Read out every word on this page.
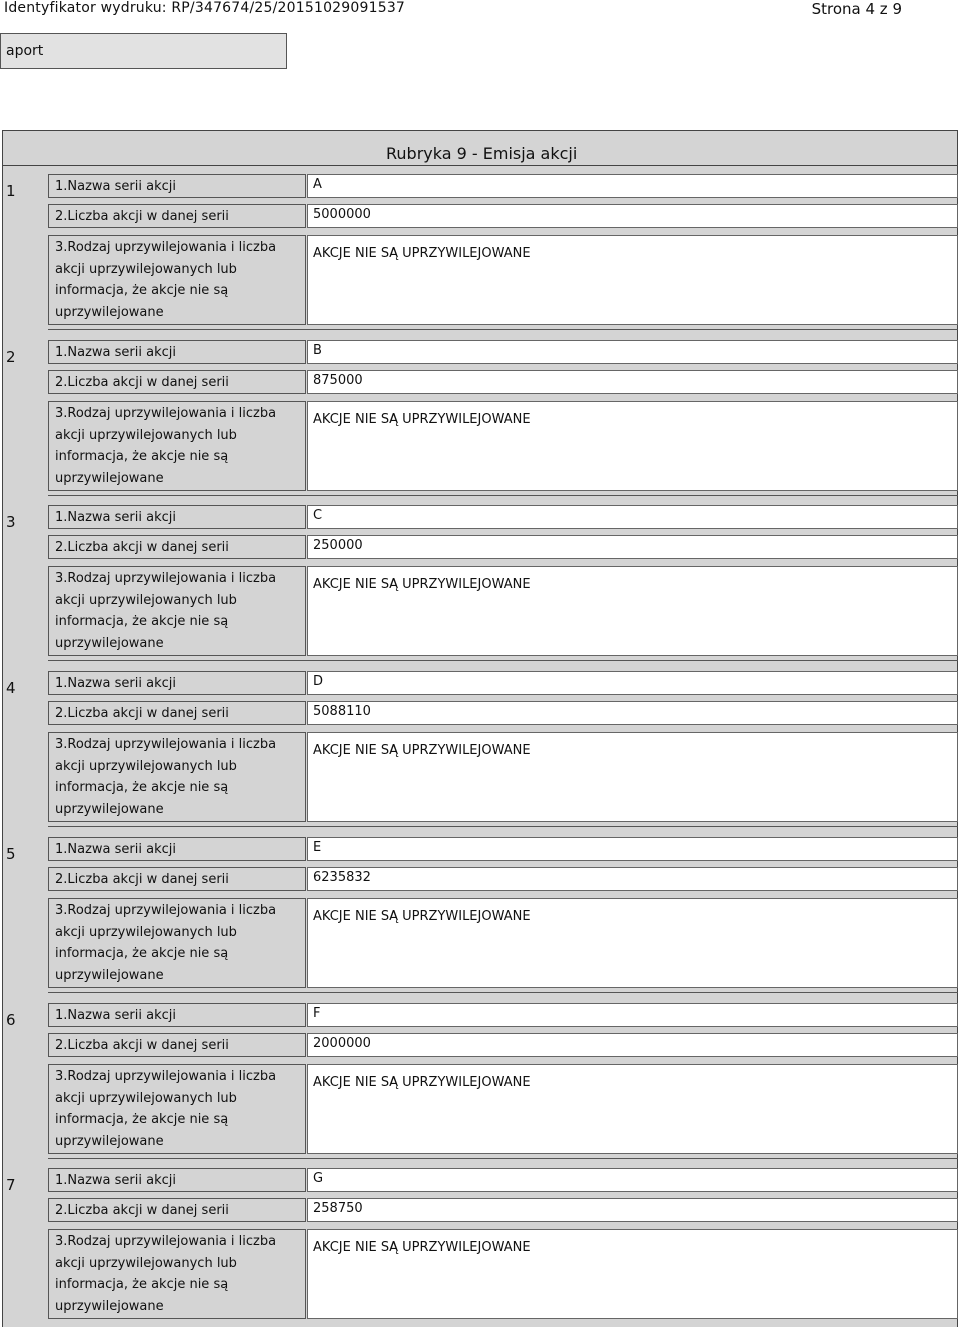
Identyfikator wydruku: RP/347674/25/20151029091537	Strona 4 z 9
aport
Rubryka 9 - Emisja akcji
1	1.Nazwa serii akcji	A
2.Liczba akcji w danej serii	5000000
3.Rodzaj uprzywilejowania i liczba akcji uprzywilejowanych lub informacja, że akcje nie są uprzywilejowane
AKCJE NIE SĄ UPRZYWILEJOWANE
2	1.Nazwa serii akcji	B
2.Liczba akcji w danej serii	875000
3.Rodzaj uprzywilejowania i liczba akcji uprzywilejowanych lub informacja, że akcje nie są uprzywilejowane
AKCJE NIE SĄ UPRZYWILEJOWANE
3	1.Nazwa serii akcji	C
2.Liczba akcji w danej serii	250000
3.Rodzaj uprzywilejowania i liczba akcji uprzywilejowanych lub informacja, że akcje nie są uprzywilejowane
AKCJE NIE SĄ UPRZYWILEJOWANE
4	1.Nazwa serii akcji	D
2.Liczba akcji w danej serii	5088110
3.Rodzaj uprzywilejowania i liczba akcji uprzywilejowanych lub informacja, że akcje nie są uprzywilejowane
AKCJE NIE SĄ UPRZYWILEJOWANE
5	1.Nazwa serii akcji	E
2.Liczba akcji w danej serii	6235832
3.Rodzaj uprzywilejowania i liczba akcji uprzywilejowanych lub informacja, że akcje nie są uprzywilejowane
AKCJE NIE SĄ UPRZYWILEJOWANE
6	1.Nazwa serii akcji	F
2.Liczba akcji w danej serii	2000000
3.Rodzaj uprzywilejowania i liczba akcji uprzywilejowanych lub informacja, że akcje nie są uprzywilejowane
AKCJE NIE SĄ UPRZYWILEJOWANE
7	1.Nazwa serii akcji	G
2.Liczba akcji w danej serii	258750
3.Rodzaj uprzywilejowania i liczba akcji uprzywilejowanych lub informacja, że akcje nie są uprzywilejowane
AKCJE NIE SĄ UPRZYWILEJOWANE
